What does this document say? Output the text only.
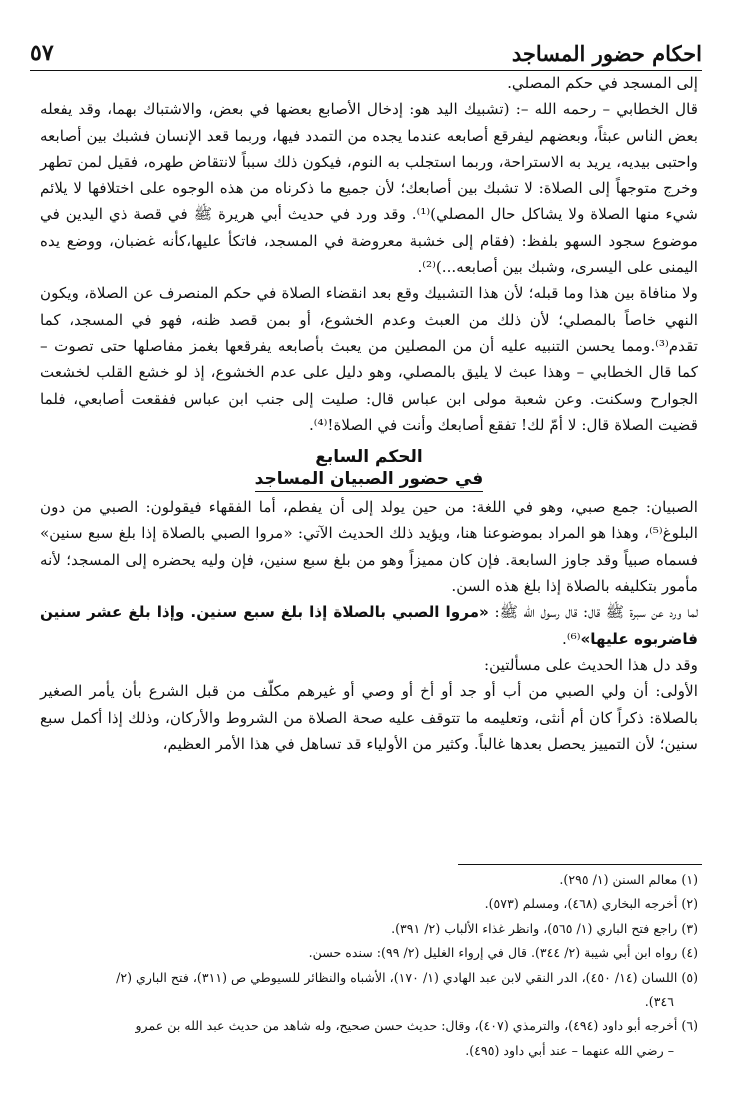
احكام حضور المساجد
٥٧

إلى المسجد في حكم المصلي.

قال الخطابي – رحمه الله –: (تشبيك اليد هو: إدخال الأصابع بعضها في بعض، والاشتباك بهما، وقد يفعله بعض الناس عبثاً، وبعضهم ليفرقع أصابعه عندما يجده من التمدد فيها، وربما قعد الإنسان فشبك بين أصابعه واحتبى بيديه، يريد به الاستراحة، وربما استجلب به النوم، فيكون ذلك سبباً لانتقاض طهره، فقيل لمن تطهر وخرج متوجهاً إلى الصلاة: لا تشبك بين أصابعك؛ لأن جميع ما ذكرناه من هذه الوجوه على اختلافها لا يلائم شيء منها الصلاة ولا يشاكل حال المصلي)⁽¹⁾. وقد ورد في حديث أبي هريرة ﷺ في قصة ذي اليدين في موضوع سجود السهو بلفظ: (فقام إلى خشبة معروضة في المسجد، فاتكأ عليها،كأنه غضبان، ووضع يده اليمنى على اليسرى، وشبك بين أصابعه...)⁽²⁾.

ولا منافاة بين هذا وما قبله؛ لأن هذا التشبيك وقع بعد انقضاء الصلاة في حكم المنصرف عن الصلاة، ويكون النهي خاصاً بالمصلي؛ لأن ذلك من العبث وعدم الخشوع، أو بمن قصد ظنه، فهو في المسجد، كما تقدم⁽³⁾.ومما يحسن التنبيه عليه أن من المصلين من يعبث بأصابعه يفرقعها بغمز مفاصلها حتى تصوت – كما قال الخطابي – وهذا عبث لا يليق بالمصلي، وهو دليل على عدم الخشوع، إذ لو خشع القلب لخشعت الجوارح وسكنت. وعن شعبة مولى ابن عباس قال: صليت إلى جنب ابن عباس ففقعت أصابعي، فلما قضيت الصلاة قال: لا أمّ لك! تفقع أصابعك وأنت في الصلاة!⁽⁴⁾.

الحكم السابع
في حضور الصبيان المساجد

الصبيان: جمع صبي، وهو في اللغة: من حين يولد إلى أن يفطم، أما الفقهاء فيقولون: الصبي من دون البلوغ⁽⁵⁾، وهذا هو المراد بموضوعنا هنا، ويؤيد ذلك الحديث الآتي: «مروا الصبي بالصلاة إذا بلغ سبع سنين» فسماه صبياً وقد جاوز السابعة. فإن كان مميزاً وهو من بلغ سبع سنين، فإن وليه يحضره إلى المسجد؛ لأنه مأمور بتكليفه بالصلاة إذا بلغ هذه السن.

لما ورد عن سبرة ﷺ قال: قال رسول الله ﷺ: «مروا الصبي بالصلاة إذا بلغ سبع سنين. وإذا بلغ عشر سنين فاضربوه عليها»⁽⁶⁾.

وقد دل هذا الحديث على مسألتين:

الأولى: أن ولي الصبي من أب أو جد أو أخ أو وصي أو غيرهم مكلّف من قبل الشرع بأن يأمر الصغير بالصلاة: ذكراً كان أم أنثى، وتعليمه ما تتوقف عليه صحة الصلاة من الشروط والأركان، وذلك إذا أكمل سبع سنين؛ لأن التمييز يحصل بعدها غالباً. وكثير من الأولياء قد تساهل في هذا الأمر العظيم،

(١) معالم السنن (١/ ٢٩٥).

(٢) أخرجه البخاري (٤٦٨)، ومسلم (٥٧٣).

(٣) راجع فتح الباري (١/ ٥٦٥)، وانظر غذاء الألباب (٢/ ٣٩١).

(٤) رواه ابن أبي شيبة (٢/ ٣٤٤). قال في إرواء الغليل (٢/ ٩٩): سنده حسن.

(٥) اللسان (١٤/ ٤٥٠)، الدر النقي لابن عبد الهادي (١/ ١٧٠)، الأشباه والنظائر للسيوطي ص (٣١١)، فتح الباري (٢/

٣٤٦).

(٦) أخرجه أبو داود (٤٩٤)، والترمذي (٤٠٧)، وقال: حديث حسن صحيح، وله شاهد من حديث عبد الله بن عمرو

– رضي الله عنهما – عند أبي داود (٤٩٥).
